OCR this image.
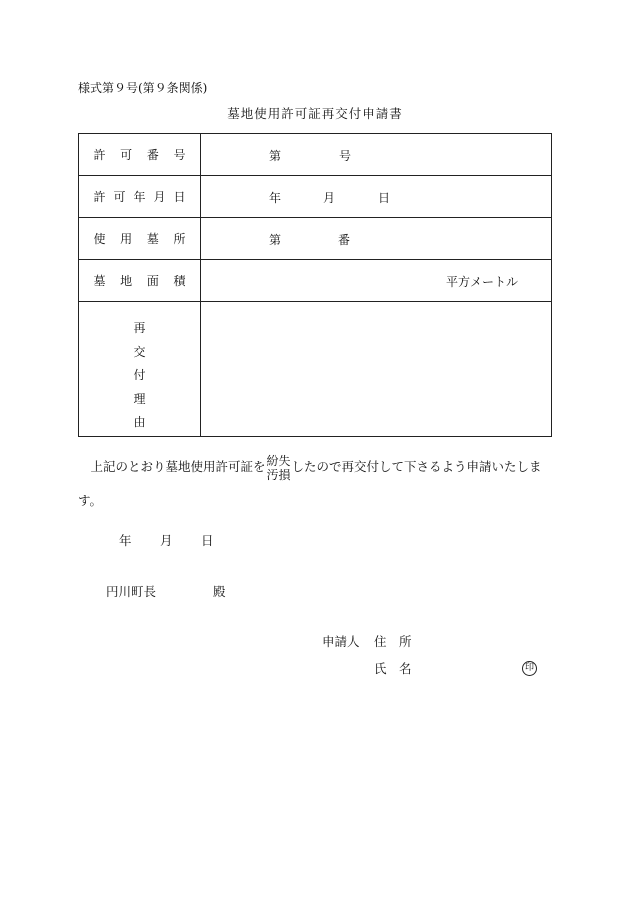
様式第９号(第９条関係)
墓地使用許可証再交付申請書
許可番号	第 号

許可年月日	年 月 日

使用墓所	第 番

墓地面積	平方メートル

再
交
付
理
由	

　上記のとおり墓地使用許可証を 紛失
汚損
したので再交付して下さるよう申請いたします。
年 月 日
円川町長	殿
申請人 住　所
氏　名	印
